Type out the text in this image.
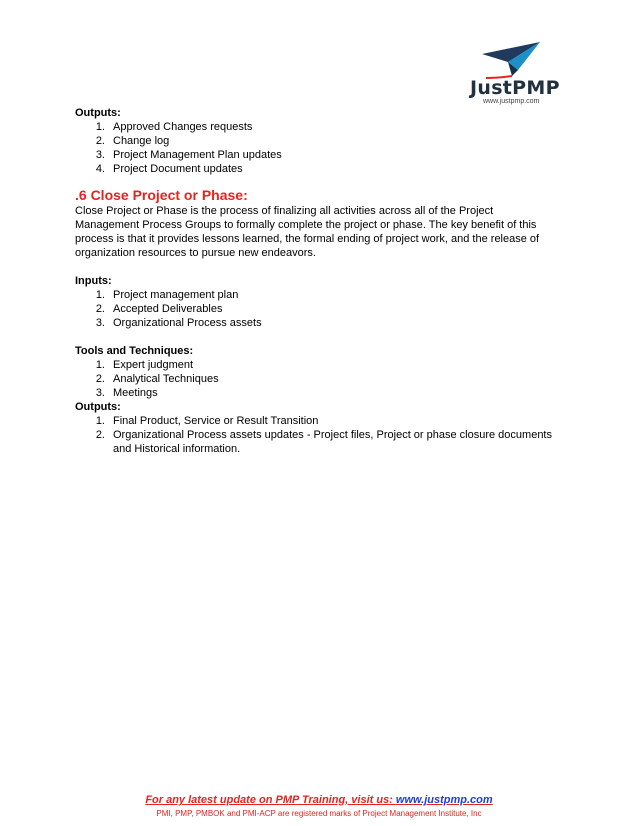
JustPMP
www.justpmp.com

Outputs:

1. Approved Changes requests
2. Change log
3. Project Management Plan updates
4. Project Document updates

.6 Close Project or Phase:

Close Project or Phase is the process of finalizing all activities across all of the Project Management Process Groups to formally complete the project or phase. The key benefit of this process is that it provides lessons learned, the formal ending of project work, and the release of organization resources to pursue new endeavors.

Inputs:

1. Project management plan
2. Accepted Deliverables
3. Organizational Process assets

Tools and Techniques:

1. Expert judgment
2. Analytical Techniques
3. Meetings

Outputs:

1. Final Product, Service or Result Transition
2. Organizational Process assets updates - Project files, Project or phase closure documents and Historical information.
For any latest update on PMP Training, visit us: www.justpmp.com
PMI, PMP, PMBOK and PMI-ACP are registered marks of Project Management Institute, Inc
